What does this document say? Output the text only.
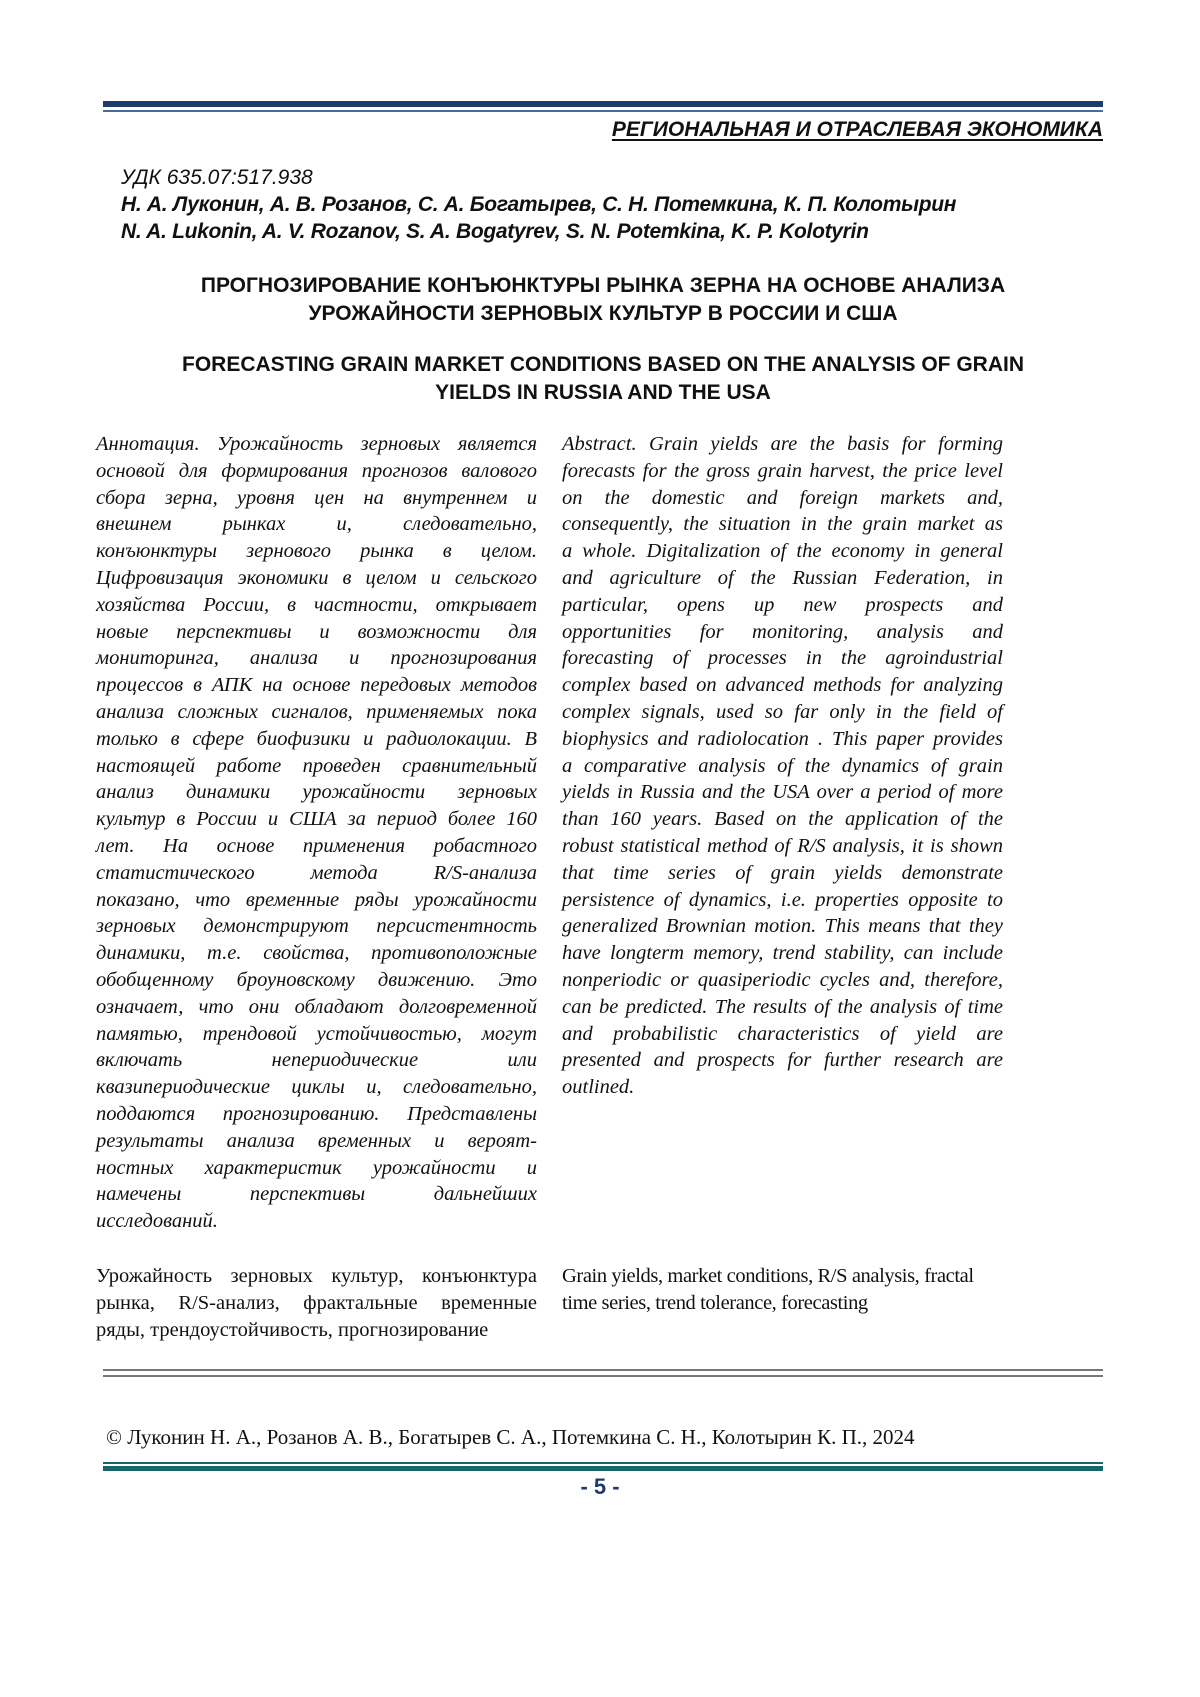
РЕГИОНАЛЬНАЯ И ОТРАСЛЕВАЯ ЭКОНОМИКА
УДК 635.07:517.938
Н. А. Луконин, А. В. Розанов, С. А. Богатырев, С. Н. Потемкина, К. П. Колотырин
N. A. Lukonin, A. V. Rozanov, S. A. Bogatyrev, S. N. Potemkina, K. P. Kolotyrin
ПРОГНОЗИРОВАНИЕ КОНЪЮНКТУРЫ РЫНКА ЗЕРНА НА ОСНОВЕ АНАЛИЗА
УРОЖАЙНОСТИ ЗЕРНОВЫХ КУЛЬТУР В РОССИИ И США
FORECASTING GRAIN MARKET CONDITIONS BASED ON THE ANALYSIS OF GRAIN
YIELDS IN RUSSIA AND THE USA
Аннотация. Урожайность зерновых является
основой для формирования прогнозов валового
сбора зерна, уровня цен на внутреннем и
внешнем рынках и, следовательно,
конъюнктуры зернового рынка в целом.
Цифровизация экономики в целом и сельского
хозяйства России, в частности, открывает
новые перспективы и возможности для
мониторинга, анализа и прогнозирования
процессов в АПК на основе передовых методов
анализа сложных сигналов, применяемых пока
только в сфере биофизики и радиолокации. В
настоящей работе проведен сравнительный
анализ динамики урожайности зерновых
культур в России и США за период более 160
лет. На основе применения робастного
статистического метода R/S-анализа
показано, что временные ряды урожайности
зерновых демонстрируют персистентность
динамики, т.е. свойства, противоположные
обобщенному броуновскому движению. Это
означает, что они обладают долговременной
памятью, трендовой устойчивостью, могут
включать непериодические или
квазипериодические циклы и, следовательно,
поддаются прогнозированию. Представлены
результаты анализа временных и вероят-
ностных характеристик урожайности и
намечены перспективы дальнейших
исследований.
Abstract. Grain yields are the basis for forming
forecasts for the gross grain harvest, the price level
on the domestic and foreign markets and,
consequently, the situation in the grain market as
a whole. Digitalization of the economy in general
and agriculture of the Russian Federation, in
particular, opens up new prospects and
opportunities for monitoring, analysis and
forecasting of processes in the agroindustrial
complex based on advanced methods for analyzing
complex signals, used so far only in the field of
biophysics and radiolocation . This paper provides
a comparative analysis of the dynamics of grain
yields in Russia and the USA over a period of more
than 160 years. Based on the application of the
robust statistical method of R/S analysis, it is shown
that time series of grain yields demonstrate
persistence of dynamics, i.e. properties opposite to
generalized Brownian motion. This means that they
have longterm memory, trend stability, can include
nonperiodic or quasiperiodic cycles and, therefore,
can be predicted. The results of the analysis of time
and probabilistic characteristics of yield are
presented and prospects for further research are
outlined.
Урожайность зерновых культур, конъюнктура
рынка, R/S-анализ, фрактальные временные
ряды, трендоустойчивость, прогнозирование
Grain yields, market conditions, R/S analysis, fractal
time series, trend tolerance, forecasting
© Луконин Н. А., Розанов А. В., Богатырев С. А., Потемкина С. Н., Колотырин К. П., 2024
- 5 -
